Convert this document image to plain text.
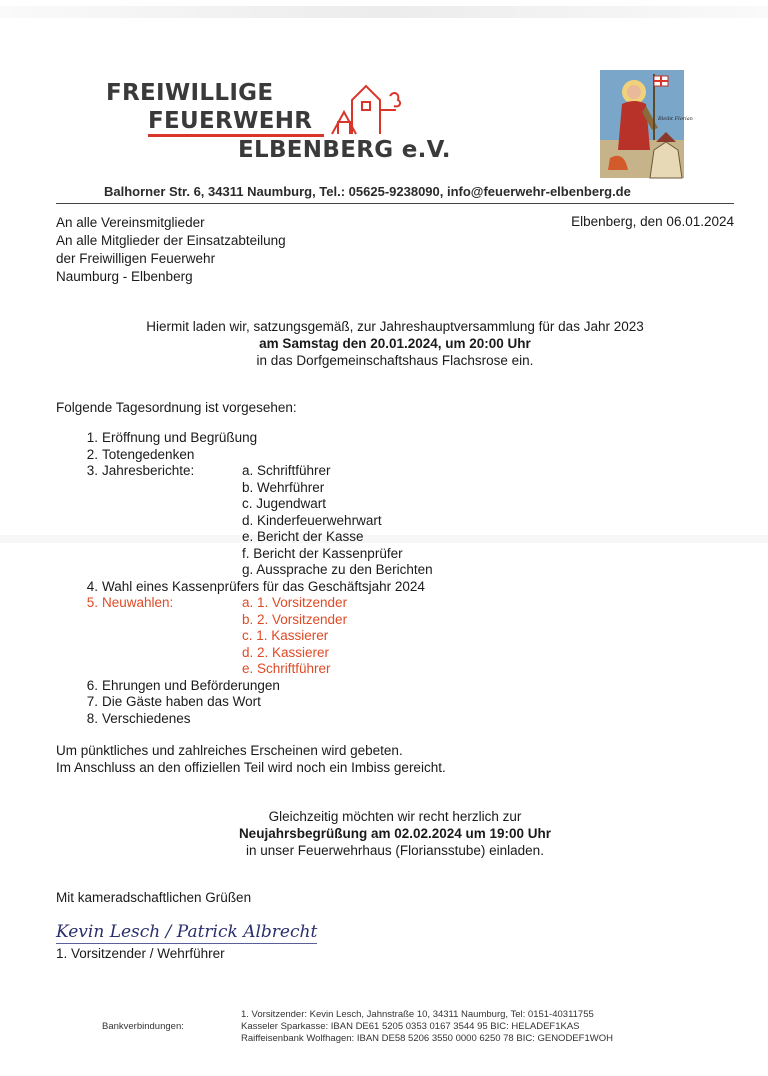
FREIWILLIGE
FEUERWEHR
ELBENBERG e.V.
Bleibt Florian
Balhorner Str. 6, 34311 Naumburg, Tel.: 05625-9238090, info@feuerwehr-elbenberg.de
An alle Vereinsmitglieder
An alle Mitglieder der Einsatzabteilung
der Freiwilligen Feuerwehr
Naumburg - Elbenberg
Elbenberg, den 06.01.2024
Hiermit laden wir, satzungsgemäß, zur Jahreshauptversammlung für das Jahr 2023
am Samstag den 20.01.2024, um 20:00 Uhr
in das Dorfgemeinschaftshaus Flachsrose ein.
Folgende Tagesordnung ist vorgesehen:
1. Eröffnung und Begrüßung
2. Totengedenken
3. Jahresberichte:	a. Schriftführer
b. Wehrführer
c. Jugendwart
d. Kinderfeuerwehrwart
e. Bericht der Kasse
f. Bericht der Kassenprüfer
g. Aussprache zu den Berichten
4. Wahl eines Kassenprüfers für das Geschäftsjahr 2024
5. Neuwahlen:	a. 1. Vorsitzender
b. 2. Vorsitzender
c. 1. Kassierer
d. 2. Kassierer
e. Schriftführer
6. Ehrungen und Beförderungen
7. Die Gäste haben das Wort
8. Verschiedenes
Um pünktliches und zahlreiches Erscheinen wird gebeten.
Im Anschluss an den offiziellen Teil wird noch ein Imbiss gereicht.
Gleichzeitig möchten wir recht herzlich zur
Neujahrsbegrüßung am 02.02.2024 um 19:00 Uhr
in unser Feuerwehrhaus (Floriansstube) einladen.
Mit kameradschaftlichen Grüßen
Kevin Lesch / Patrick Albrecht
1. Vorsitzender / Wehrführer
Bankverbindungen:
1. Vorsitzender: Kevin Lesch, Jahnstraße 10, 34311 Naumburg, Tel: 0151-40311755
Kasseler Sparkasse: IBAN DE61 5205 0353 0167 3544 95 BIC: HELADEF1KAS
Raiffeisenbank Wolfhagen: IBAN DE58 5206 3550 0000 6250 78 BIC: GENODEF1WOH
